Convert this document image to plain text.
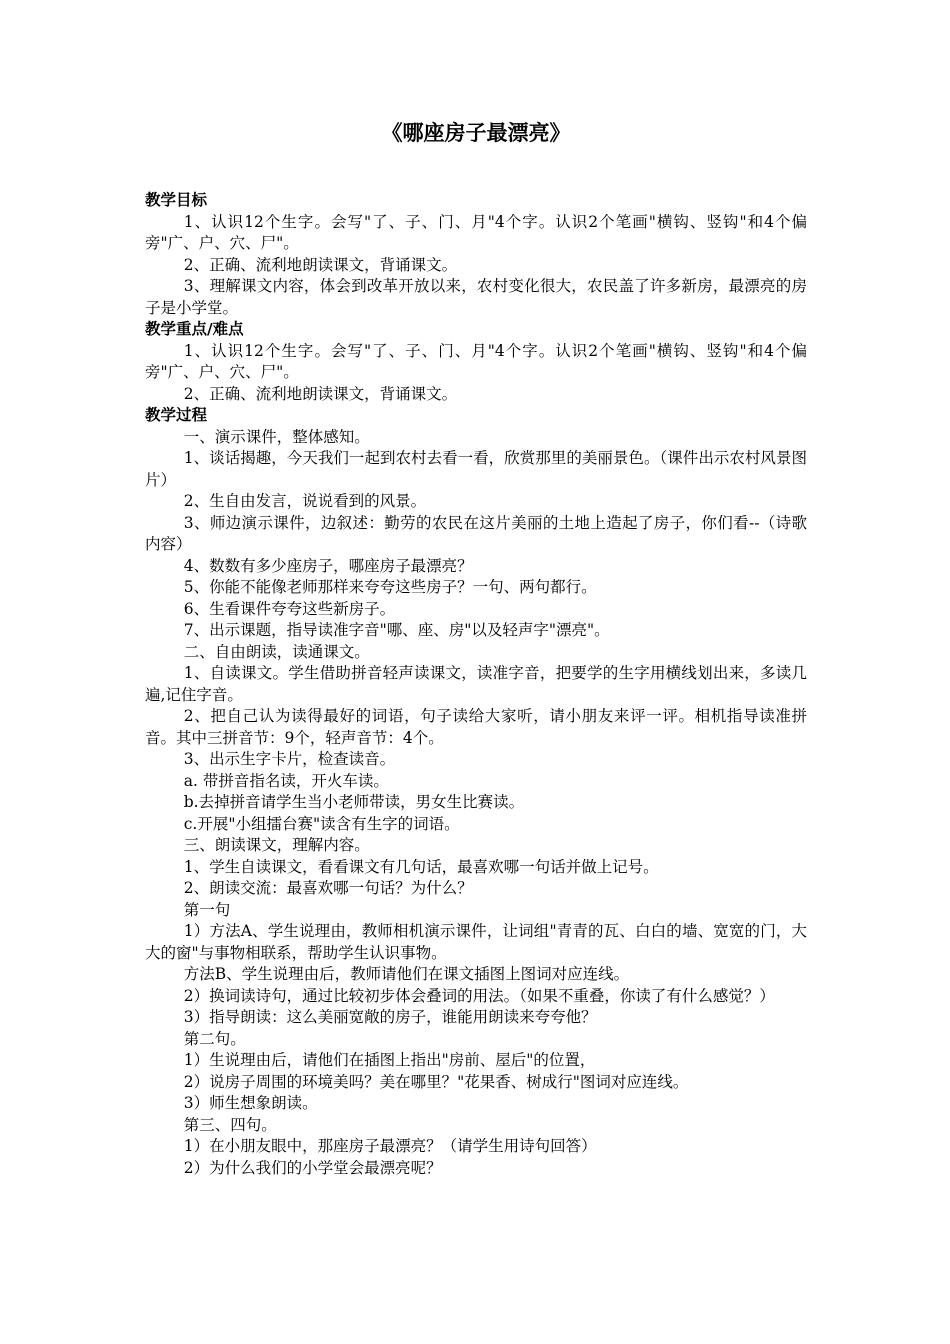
《哪座房子最漂亮》
教学目标
1、认识12个生字。会写"了、子、门、月"4个字。认识2个笔画"横钩、竖钩"和4个偏旁"广、户、穴、尸"。
2、正确、流利地朗读课文，背诵课文。
3、理解课文内容，体会到改革开放以来，农村变化很大，农民盖了许多新房，最漂亮的房子是小学堂。
教学重点/难点
1、认识12个生字。会写"了、子、门、月"4个字。认识2个笔画"横钩、竖钩"和4个偏旁"广、户、穴、尸"。
2、正确、流利地朗读课文，背诵课文。
教学过程
一、演示课件，整体感知。
1、谈话揭趣，今天我们一起到农村去看一看，欣赏那里的美丽景色。（课件出示农村风景图片）
2、生自由发言，说说看到的风景。
3、师边演示课件，边叙述：勤劳的农民在这片美丽的土地上造起了房子，你们看--（诗歌内容）
4、数数有多少座房子，哪座房子最漂亮？
5、你能不能像老师那样来夸夸这些房子？一句、两句都行。
6、生看课件夸夸这些新房子。
7、出示课题，指导读准字音"哪、座、房"以及轻声字"漂亮"。
二、自由朗读，读通课文。
1、自读课文。学生借助拼音轻声读课文，读准字音，把要学的生字用横线划出来，多读几遍,记住字音。
2、把自己认为读得最好的词语，句子读给大家听，请小朋友来评一评。相机指导读准拼音。其中三拼音节：9个，轻声音节：4个。
3、出示生字卡片，检查读音。
a. 带拼音指名读，开火车读。
b.去掉拼音请学生当小老师带读，男女生比赛读。
c.开展"小组擂台赛"读含有生字的词语。
三、朗读课文，理解内容。
1、学生自读课文，看看课文有几句话，最喜欢哪一句话并做上记号。
2、朗读交流：最喜欢哪一句话？为什么？
第一句
1）方法A、学生说理由，教师相机演示课件，让词组"青青的瓦、白白的墙、宽宽的门，大大的窗"与事物相联系，帮助学生认识事物。
方法B、学生说理由后，教师请他们在课文插图上图词对应连线。
2）换词读诗句，通过比较初步体会叠词的用法。（如果不重叠，你读了有什么感觉？）
3）指导朗读：这么美丽宽敞的房子，谁能用朗读来夸夸他？
第二句。
1）生说理由后，请他们在插图上指出"房前、屋后"的位置，
2）说房子周围的环境美吗？美在哪里？"花果香、树成行"图词对应连线。
3）师生想象朗读。
第三、四句。
1）在小朋友眼中，那座房子最漂亮？（请学生用诗句回答）
2）为什么我们的小学堂会最漂亮呢？
